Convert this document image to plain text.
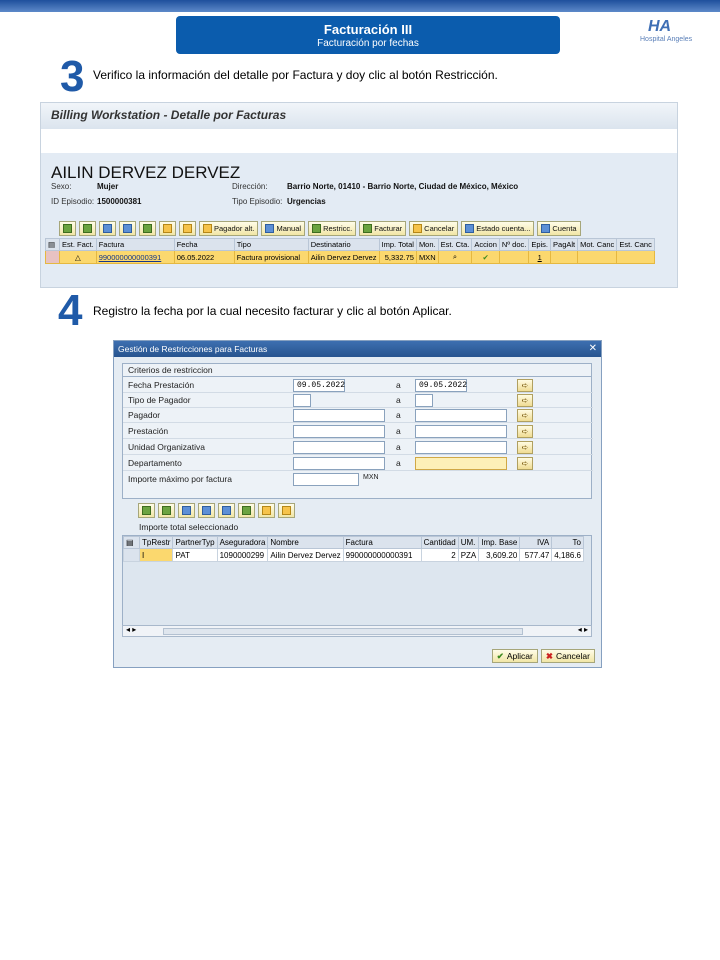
Facturación III
Facturación por fechas
HA
Hospital Angeles
3 Verifico la información del detalle por Factura y doy clic al botón Restricción.
Billing Workstation - Detalle por Facturas
AILIN DERVEZ DERVEZ
Sexo:	Mujer
ID Episodio: 1500000381
Dirección: Barrio Norte, 01410 - Barrio Norte, Ciudad de México, México
Tipo Episodio: Urgencias
Pagador alt.	Manual	Restricc.	Facturar	Cancelar	Estado cuenta...	Cuenta
▤	Est. Fact.	Factura	Fecha	Tipo	Destinatario	Imp. Total	Mon.	Est. Cta.	Accion	Nº doc.	Epis.	PagAlt	Mot. Canc	Est. Canc
	△	990000000000391	06.05.2022	Factura provisional	Ailin Dervez Dervez	5,332.75	MXN	⌕	✔		1			
4 Registro la fecha por la cual necesito facturar y clic al botón Aplicar.
Gestión de Restricciones para Facturas	✕
Criterios de restriccion
Fecha Prestación	09.05.2022	a	09.05.2022	➪
Tipo de Pagador	a	➪
Pagador	a	➪
Prestación	a	➪
Unidad Organizativa	a	➪
Departamento	a	➪
Importe máximo por factura	MXN
Importe total seleccionado
▤	TpRestr	PartnerTyp	Aseguradora	Nombre	Factura	Cantidad	UM.	Imp. Base	IVA	To
	I	PAT	1090000299	Ailin Dervez Dervez	990000000000391	2	PZA	3,609.20	577.47	4,186.6
◂ ▸	◂ ▸
✔ Aplicar ✖ Cancelar
